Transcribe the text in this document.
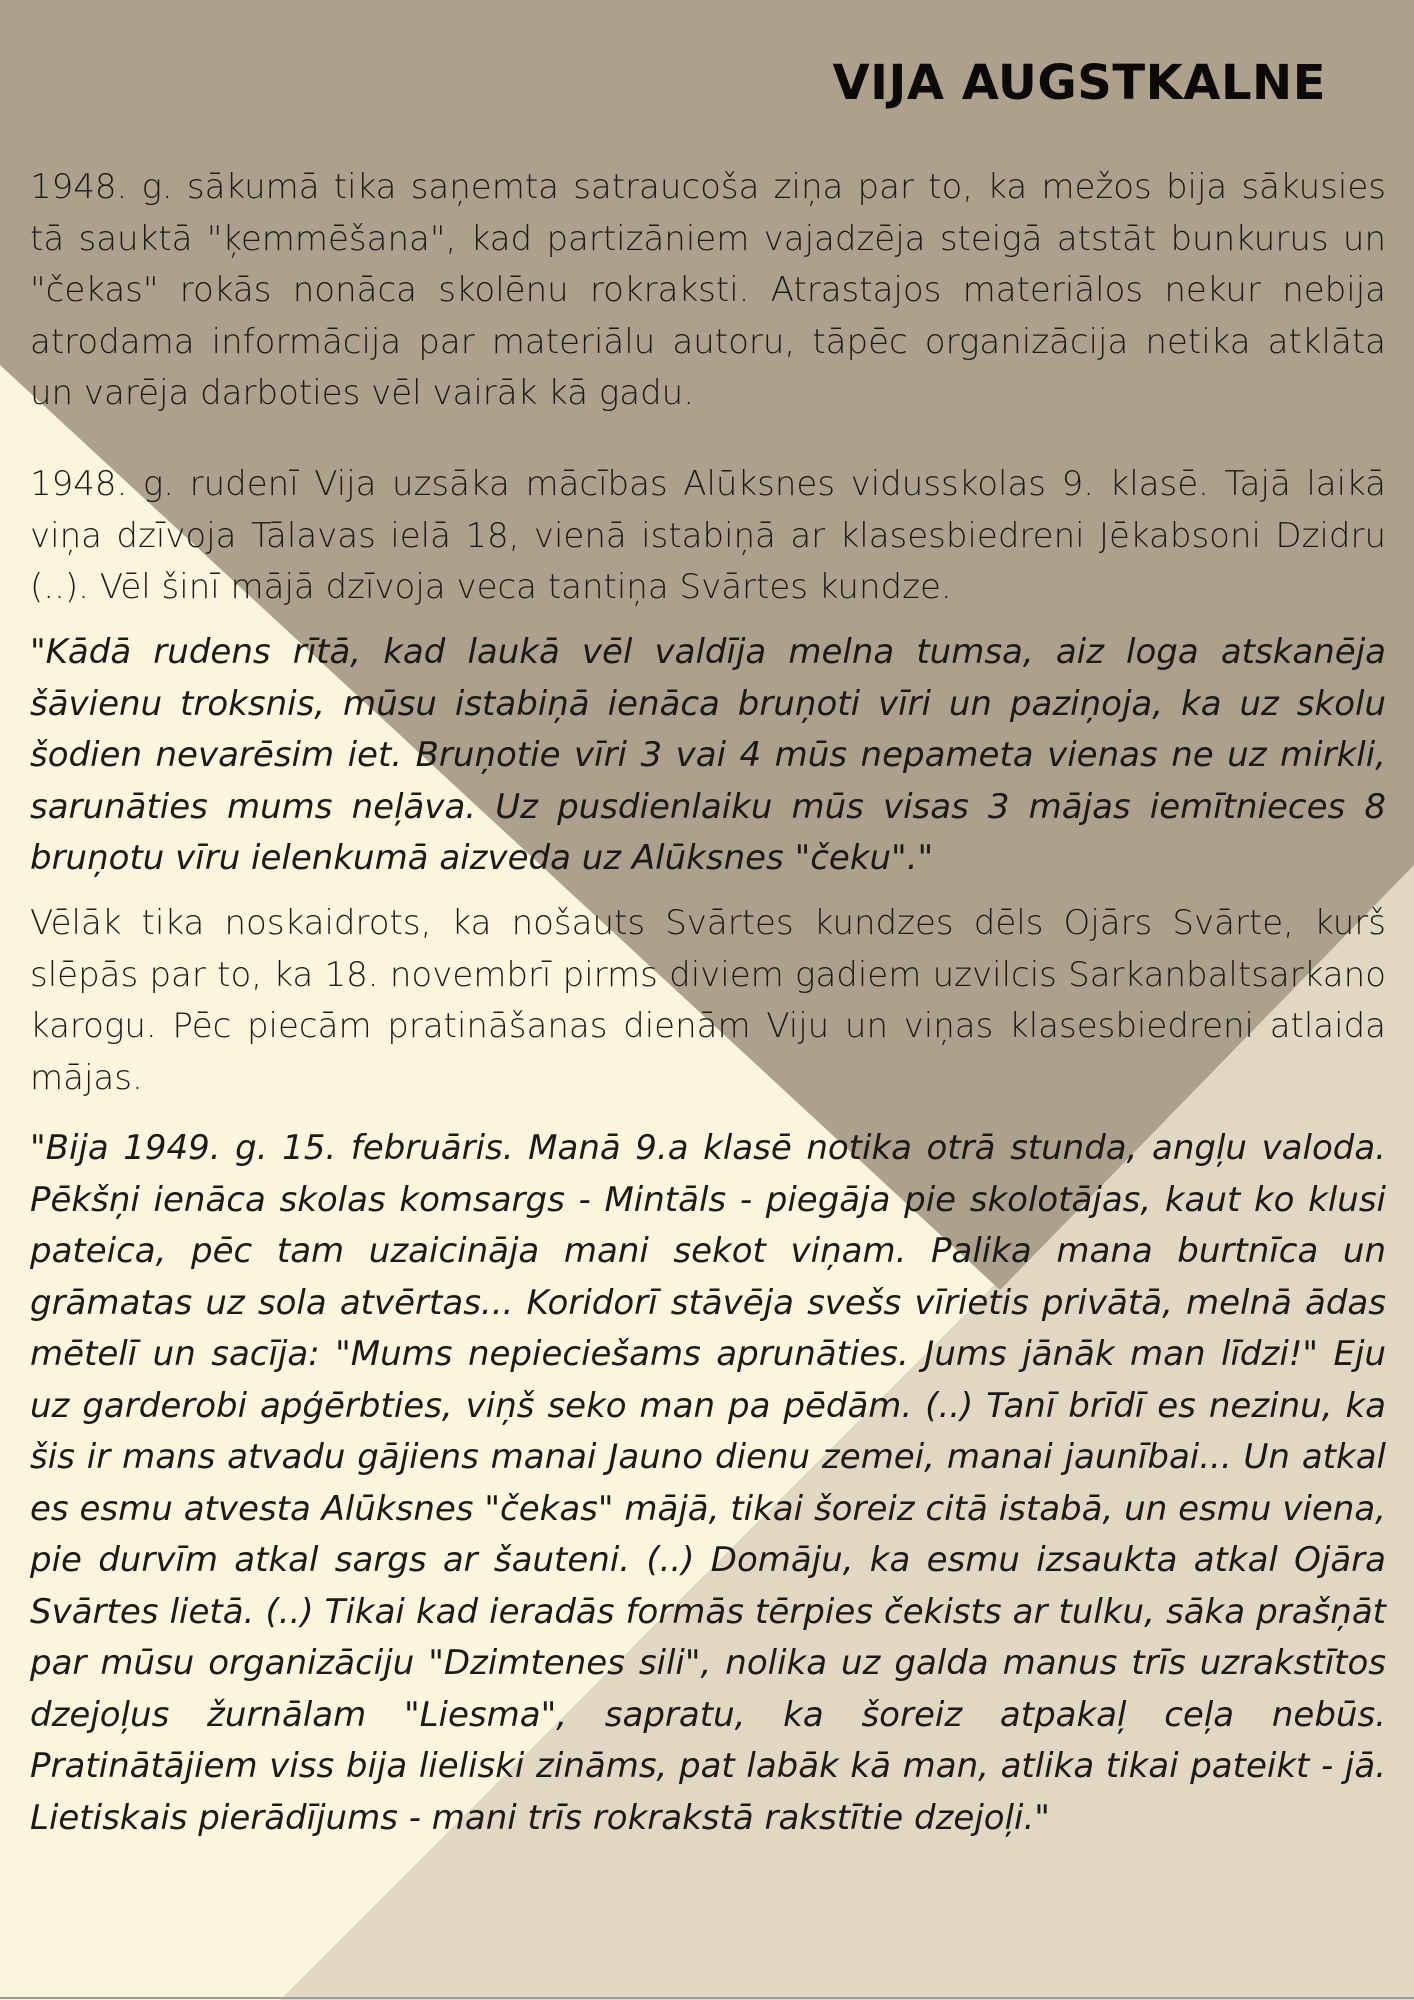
VIJA AUGSTKALNE

1948. g. sākumā tika saņemta satraucoša ziņa par to, ka mežos bija sākusies tā sauktā "ķemmēšana", kad partizāniem vajadzēja steigā atstāt bunkurus un "čekas" rokās nonāca skolēnu rokraksti. Atrastajos materiālos nekur nebija atrodama informācija par materiālu autoru, tāpēc organizācija netika atklāta un varēja darboties vēl vairāk kā gadu.

1948. g. rudenī Vija uzsāka mācības Alūksnes vidusskolas 9. klasē. Tajā laikā viņa dzīvoja Tālavas ielā 18, vienā istabiņā ar klasesbiedreni Jēkabsoni Dzidru (..). Vēl šinī mājā dzīvoja veca tantiņa Svārtes kundze.

"Kādā rudens rītā, kad laukā vēl valdīja melna tumsa, aiz loga atskanēja šāvienu troksnis, mūsu istabiņā ienāca bruņoti vīri un paziņoja, ka uz skolu šodien nevarēsim iet. Bruņotie vīri 3 vai 4 mūs nepameta vienas ne uz mirkli, sarunāties mums neļāva. Uz pusdienlaiku mūs visas 3 mājas iemītnieces 8 bruņotu vīru ielenkumā aizveda uz Alūksnes "čeku"."

Vēlāk tika noskaidrots, ka nošauts Svārtes kundzes dēls Ojārs Svārte, kurš slēpās par to, ka 18. novembrī pirms diviem gadiem uzvilcis Sarkanbaltsarkano karogu. Pēc piecām pratināšanas dienām Viju un viņas klasesbiedreni atlaida mājas.

"Bija 1949. g. 15. februāris. Manā 9.a klasē notika otrā stunda, angļu valoda. Pēkšņi ienāca skolas komsargs - Mintāls - piegāja pie skolotājas, kaut ko klusi pateica, pēc tam uzaicināja mani sekot viņam. Palika mana burtnīca un grāmatas uz sola atvērtas... Koridorī stāvēja svešs vīrietis privātā, melnā ādas mētelī un sacīja: "Mums nepieciešams aprunāties. Jums jānāk man līdzi!" Eju uz garderobi apģērbties, viņš seko man pa pēdām. (..) Tanī brīdī es nezinu, ka šis ir mans atvadu gājiens manai Jauno dienu zemei, manai jaunībai... Un atkal es esmu atvesta Alūksnes "čekas" mājā, tikai šoreiz citā istabā, un esmu viena, pie durvīm atkal sargs ar šauteni. (..) Domāju, ka esmu izsaukta atkal Ojāra Svārtes lietā. (..) Tikai kad ieradās formās tērpies čekists ar tulku, sāka prašņāt par mūsu organizāciju "Dzimtenes sili", nolika uz galda manus trīs uzrakstītos dzejoļus žurnālam "Liesma", sapratu, ka šoreiz atpakaļ ceļa nebūs. Pratinātājiem viss bija lieliski zināms, pat labāk kā man, atlika tikai pateikt - jā. Lietiskais pierādījums - mani trīs rokrakstā rakstītie dzejoļi."
